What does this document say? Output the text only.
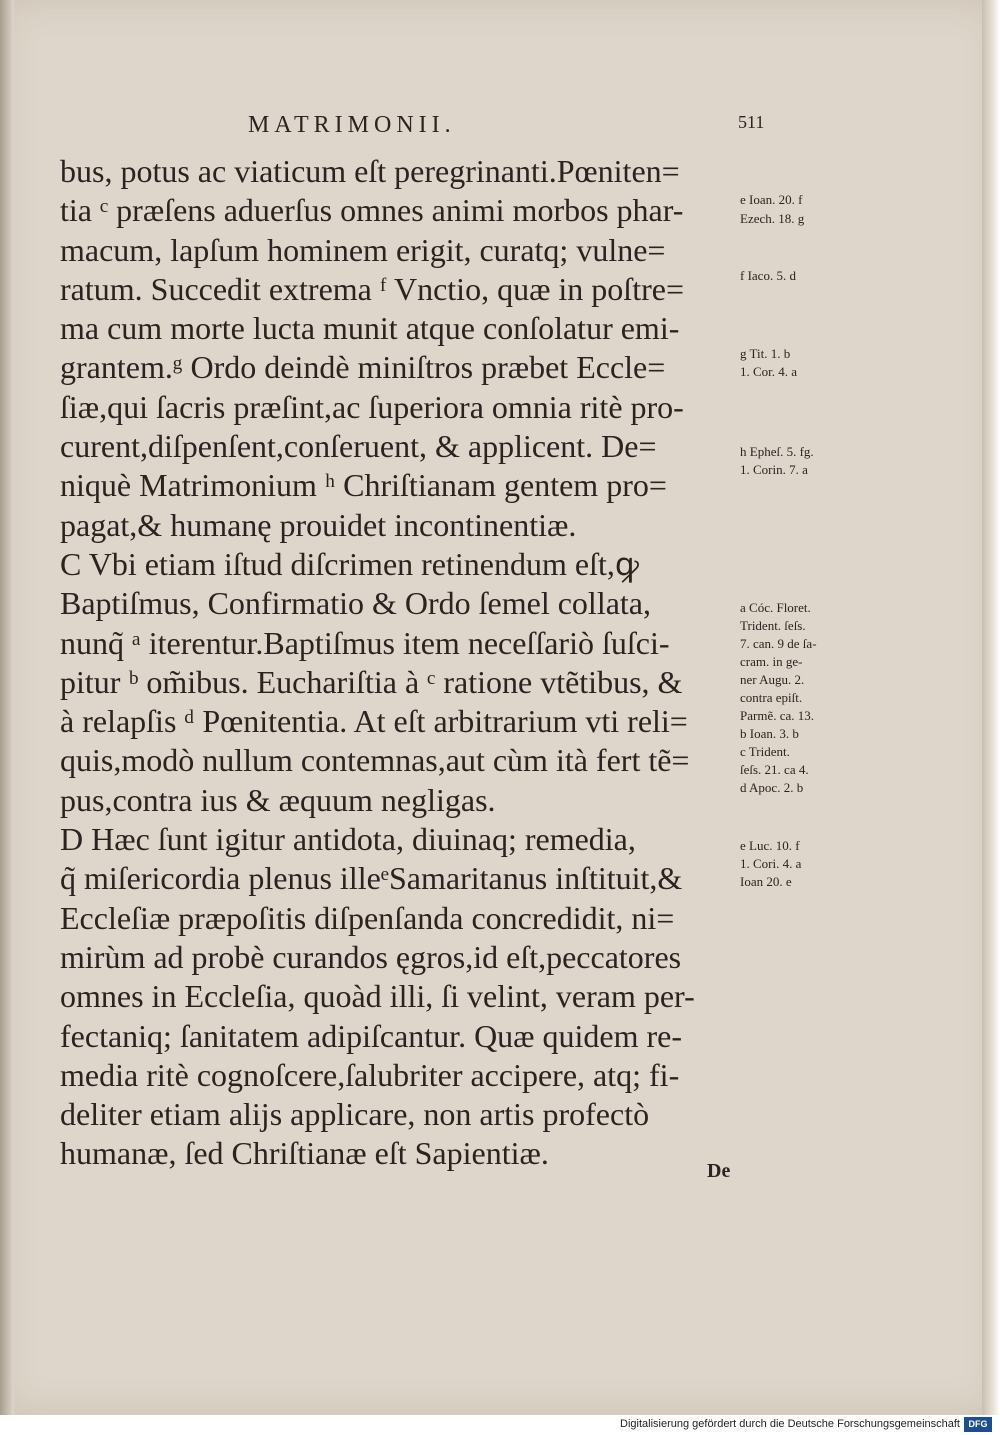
MATRIMONII.	511
bus, potus ac viaticum eſt peregrinanti.Pœniten=
tia ᶜ præſens aduerſus omnes animi morbos phar-
macum, lapſum hominem erigit, curatq; vulne=
ratum. Succedit extrema ᶠ Vnctio, quæ in poſtre=
ma cum morte lucta munit atque conſolatur emi-
grantem.ᵍ Ordo deindè miniſtros præbet Eccle=
ſiæ,qui ſacris præſint,ac ſuperiora omnia ritè pro-
curent,diſpenſent,conſeruent, & applicent. De=
niquè Matrimonium ʰ Chriſtianam gentem pro=
pagat,& humanę prouidet incontinentiæ.
C Vbi etiam iſtud diſcrimen retinendum eſt,ꝙ
Baptiſmus, Confirmatio & Ordo ſemel collata,
nunq̃ ᵃ iterentur.Baptiſmus item neceſſariò ſuſci-
pitur ᵇ om̃ibus. Euchariſtia à ᶜ ratione vtẽtibus, &
à relapſis ᵈ Pœnitentia. At eſt arbitrarium vti reli=
quis,modò nullum contemnas,aut cùm ità fert tẽ=
pus,contra ius & æquum negligas.
D Hæc ſunt igitur antidota, diuinaq; remedia,
q̃ miſericordia plenus illeᵉSamaritanus inſtituit,&
Eccleſiæ præpoſitis diſpenſanda concredidit, ni=
mirùm ad probè curandos ęgros,id eſt,peccatores
omnes in Eccleſia, quoàd illi, ſi velint, veram per-
fectaniq; ſanitatem adipiſcantur. Quæ quidem re-
media ritè cognoſcere,ſalubriter accipere, atq; fi-
deliter etiam alijs applicare, non artis profectò
humanæ, ſed Chriſtianæ eſt Sapientiæ.
e Ioan. 20. f
Ezech. 18. g
f Iaco. 5. d
g Tit. 1. b
1. Cor. 4. a
h Epheſ. 5. fg.
1. Corin. 7. a
a Cóc. Floret.
Trident. ſeſs.
7. can. 9 de ſa-
cram. in ge-
ner Augu. 2.
contra epiſt.
Parmẽ. ca. 13.
b Ioan. 3. b
c Trident.
ſeſs. 21. ca 4.
d Apoc. 2. b
e Luc. 10. f
1. Cori. 4. a
Ioan 20. e
De
Digitalisierung gefördert durch die Deutsche Forschungsgemeinschaft DFG
